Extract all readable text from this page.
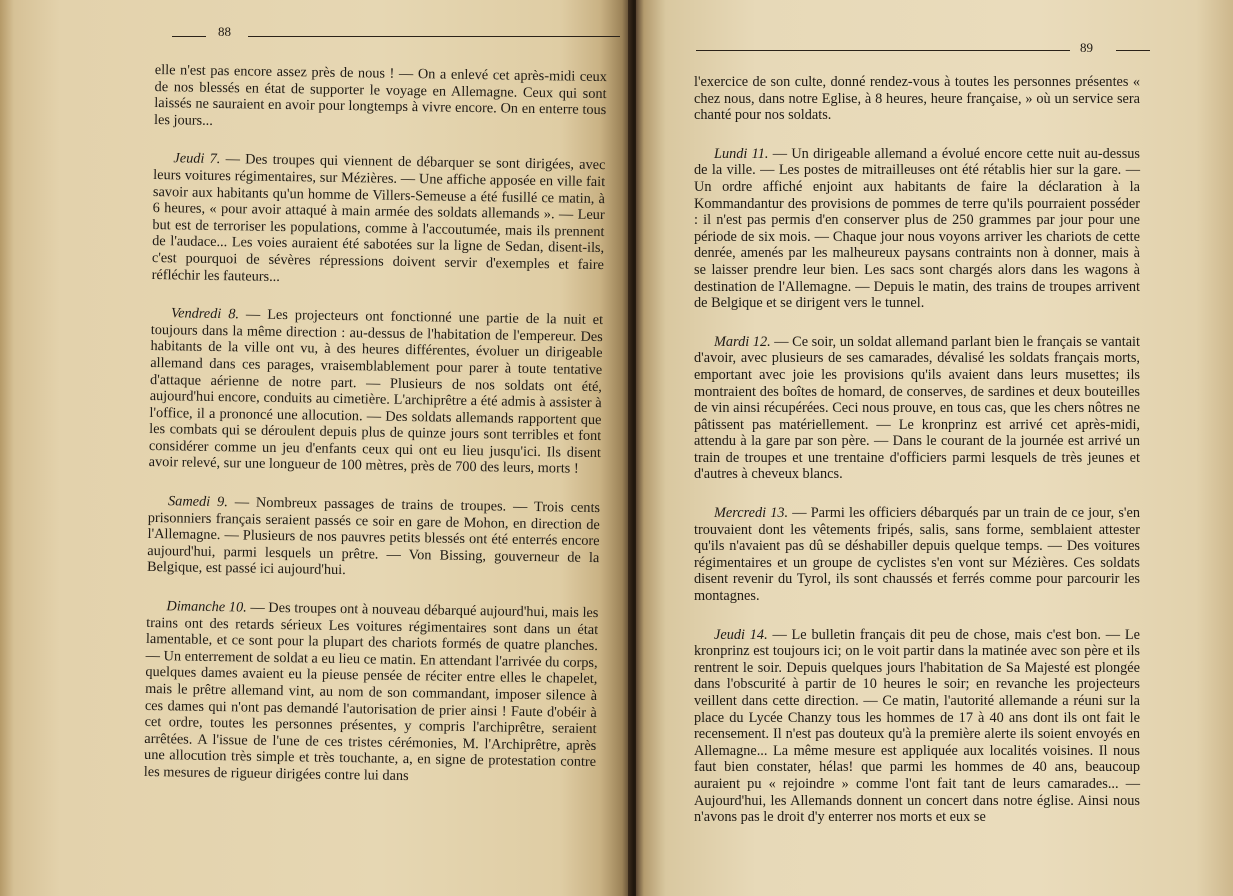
88

elle n'est pas encore assez près de nous ! — On a enlevé cet après-midi ceux de nos blessés en état de supporter le voyage en Allemagne. Ceux qui sont laissés ne sauraient en avoir pour longtemps à vivre encore. On en enterre tous les jours...

Jeudi 7. — Des troupes qui viennent de débarquer se sont dirigées, avec leurs voitures régimentaires, sur Mézières. — Une affiche apposée en ville fait savoir aux habitants qu'un homme de Villers-Semeuse a été fusillé ce matin, à 6 heures, « pour avoir attaqué à main armée des soldats allemands ». — Leur but est de terroriser les populations, comme à l'accoutumée, mais ils prennent de l'audace... Les voies auraient été sabotées sur la ligne de Sedan, disent-ils, c'est pourquoi de sévères répressions doivent servir d'exemples et faire réfléchir les fauteurs...

Vendredi 8. — Les projecteurs ont fonctionné une partie de la nuit et toujours dans la même direction : au-dessus de l'habitation de l'empereur. Des habitants de la ville ont vu, à des heures différentes, évoluer un dirigeable allemand dans ces parages, vraisemblablement pour parer à toute tentative d'attaque aérienne de notre part. — Plusieurs de nos soldats ont été, aujourd'hui encore, conduits au cimetière. L'archiprêtre a été admis à assister à l'office, il a prononcé une allocution. — Des soldats allemands rapportent que les combats qui se déroulent depuis plus de quinze jours sont terribles et font considérer comme un jeu d'enfants ceux qui ont eu lieu jusqu'ici. Ils disent avoir relevé, sur une longueur de 100 mètres, près de 700 des leurs, morts !

Samedi 9. — Nombreux passages de trains de troupes. — Trois cents prisonniers français seraient passés ce soir en gare de Mohon, en direction de l'Allemagne. — Plusieurs de nos pauvres petits blessés ont été enterrés encore aujourd'hui, parmi lesquels un prêtre. — Von Bissing, gouverneur de la Belgique, est passé ici aujourd'hui.

Dimanche 10. — Des troupes ont à nouveau débarqué aujourd'hui, mais les trains ont des retards sérieux Les voitures régimentaires sont dans un état lamentable, et ce sont pour la plupart des chariots formés de quatre planches. — Un enterrement de soldat a eu lieu ce matin. En attendant l'arrivée du corps, quelques dames avaient eu la pieuse pensée de réciter entre elles le chapelet, mais le prêtre allemand vint, au nom de son commandant, imposer silence à ces dames qui n'ont pas demandé l'autorisation de prier ainsi ! Faute d'obéir à cet ordre, toutes les personnes présentes, y compris l'archiprêtre, seraient arrêtées. A l'issue de l'une de ces tristes cérémonies, M. l'Archiprêtre, après une allocution très simple et très touchante, a, en signe de protestation contre les mesures de rigueur dirigées contre lui dans

89

l'exercice de son culte, donné rendez-vous à toutes les personnes présentes « chez nous, dans notre Eglise, à 8 heures, heure française, » où un service sera chanté pour nos soldats.

Lundi 11. — Un dirigeable allemand a évolué encore cette nuit au-dessus de la ville. — Les postes de mitrailleuses ont été rétablis hier sur la gare. — Un ordre affiché enjoint aux habitants de faire la déclaration à la Kommandantur des provisions de pommes de terre qu'ils pourraient posséder : il n'est pas permis d'en conserver plus de 250 grammes par jour pour une période de six mois. — Chaque jour nous voyons arriver les chariots de cette denrée, amenés par les malheureux paysans contraints non à donner, mais à se laisser prendre leur bien. Les sacs sont chargés alors dans les wagons à destination de l'Allemagne. — Depuis le matin, des trains de troupes arrivent de Belgique et se dirigent vers le tunnel.

Mardi 12. — Ce soir, un soldat allemand parlant bien le français se vantait d'avoir, avec plusieurs de ses camarades, dévalisé les soldats français morts, emportant avec joie les provisions qu'ils avaient dans leurs musettes; ils montraient des boîtes de homard, de conserves, de sardines et deux bouteilles de vin ainsi récupérées. Ceci nous prouve, en tous cas, que les chers nôtres ne pâtissent pas matériellement. — Le kronprinz est arrivé cet après-midi, attendu à la gare par son père. — Dans le courant de la journée est arrivé un train de troupes et une trentaine d'officiers parmi lesquels de très jeunes et d'autres à cheveux blancs.

Mercredi 13. — Parmi les officiers débarqués par un train de ce jour, s'en trouvaient dont les vêtements fripés, salis, sans forme, semblaient attester qu'ils n'avaient pas dû se déshabiller depuis quelque temps. — Des voitures régimentaires et un groupe de cyclistes s'en vont sur Mézières. Ces soldats disent revenir du Tyrol, ils sont chaussés et ferrés comme pour parcourir les montagnes.

Jeudi 14. — Le bulletin français dit peu de chose, mais c'est bon. — Le kronprinz est toujours ici; on le voit partir dans la matinée avec son père et ils rentrent le soir. Depuis quelques jours l'habitation de Sa Majesté est plongée dans l'obscurité à partir de 10 heures le soir; en revanche les projecteurs veillent dans cette direction. — Ce matin, l'autorité allemande a réuni sur la place du Lycée Chanzy tous les hommes de 17 à 40 ans dont ils ont fait le recensement. Il n'est pas douteux qu'à la première alerte ils soient envoyés en Allemagne... La même mesure est appliquée aux localités voisines. Il nous faut bien constater, hélas! que parmi les hommes de 40 ans, beaucoup auraient pu « rejoindre » comme l'ont fait tant de leurs camarades... — Aujourd'hui, les Allemands donnent un concert dans notre église. Ainsi nous n'avons pas le droit d'y enterrer nos morts et eux se
